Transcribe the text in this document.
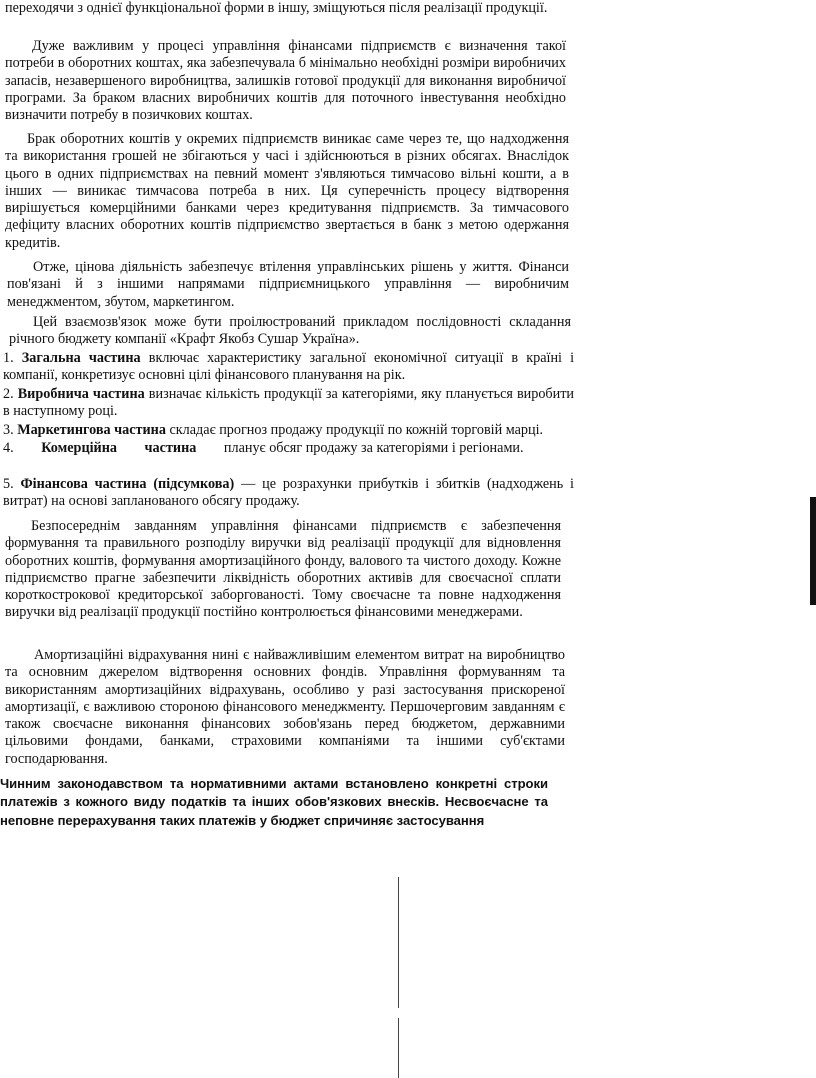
переходячи з однієї функціональної форми в іншу, зміщуються після реалізації продукції.

Дуже важливим у процесі управління фінансами підприємств є визначення такої потреби в оборотних коштах, яка забезпечувала б мінімально необхідні розміри виробничих запасів, незавершеного виробництва, залишків готової продукції для виконання виробничої програми. За браком власних виробничих коштів для поточного інвестування необхідно визначити потребу в позичкових коштах.

Брак оборотних коштів у окремих підприємств виникає саме через те, що надходження та використання грошей не збігаються у часі і здійснюються в різних обсягах. Внаслідок цього в одних підприємствах на певний момент з'являються тимчасово вільні кошти, а в інших — виникає тимчасова потреба в них. Ця суперечність процесу відтворення вирішується комерційними банками через кредитування підприємств. За тимчасового дефіциту власних оборотних коштів підприємство звертається в банк з метою одержання кредитів.

Отже, цінова діяльність забезпечує втілення управлінських рішень у життя. Фінанси пов'язані й з іншими напрямами підприємницького управління — виробничим менеджментом, збутом, маркетингом.

Цей взаємозв'язок може бути проілюстрований прикладом послідовності складання річного бюджету компанії «Крафт Якобз Сушар Україна».

1. Загальна частина включає характеристику загальної економічної ситуації в країні і компанії, конкретизує основні цілі фінансового планування на рік.

2. Виробнича частина визначає кількість продукції за категоріями, яку планується виробити в наступному році.

3. Маркетингова частина складає прогноз продажу продукції по кожній торговій марці.

4. Комерційна частина планує обсяг продажу за категоріями і регіонами.

5. Фінансова частина (підсумкова) — це розрахунки прибутків і збитків (надходжень і витрат) на основі запланованого обсягу продажу.

Безпосереднім завданням управління фінансами підприємств є забезпечення формування та правильного розподілу виручки від реалізації продукції для відновлення оборотних коштів, формування амортизаційного фонду, валового та чистого доходу. Кожне підприємство прагне забезпечити ліквідність оборотних активів для своєчасної сплати короткострокової кредиторської заборгованості. Тому своєчасне та повне надходження виручки від реалізації продукції постійно контролюється фінансовими менеджерами.

Амортизаційні відрахування нині є найважливішим елементом витрат на виробництво та основним джерелом відтворення основних фондів. Управління формуванням та використанням амортизаційних відрахувань, особливо у разі застосування прискореної амортизації, є важливою стороною фінансового менеджменту. Першочерговим завданням є також своєчасне виконання фінансових зобов'язань перед бюджетом, державними цільовими фондами, банками, страховими компаніями та іншими суб'єктами господарювання.

Чинним законодавством та нормативними актами встановлено конкретні строки платежів з кожного виду податків та інших обов'язкових внесків. Несвоєчасне та неповне перерахування таких платежів у бюджет спричиняє застосування
